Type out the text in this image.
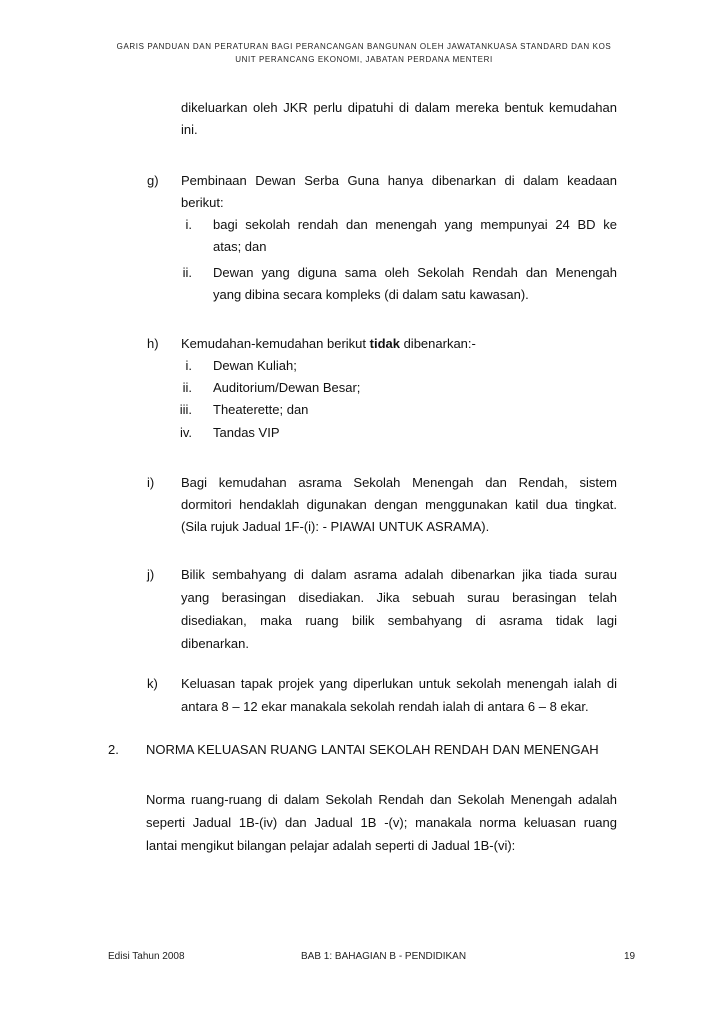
GARIS PANDUAN DAN PERATURAN BAGI PERANCANGAN BANGUNAN OLEH JAWATANKUASA STANDARD DAN KOS
UNIT PERANCANG EKONOMI, JABATAN PERDANA MENTERI
dikeluarkan oleh JKR perlu dipatuhi di dalam mereka bentuk kemudahan
ini.
g) Pembinaan Dewan Serba Guna hanya dibenarkan di dalam keadaan
berikut:
i. bagi sekolah rendah dan menengah yang mempunyai 24 BD ke
atas; dan
ii. Dewan yang diguna sama oleh Sekolah Rendah dan Menengah
yang dibina secara kompleks (di dalam satu kawasan).
h) Kemudahan-kemudahan berikut tidak dibenarkan:-
i. Dewan Kuliah;
ii. Auditorium/Dewan Besar;
iii. Theaterette; dan
iv. Tandas VIP
i) Bagi kemudahan asrama Sekolah Menengah dan Rendah, sistem
dormitori hendaklah digunakan dengan menggunakan katil dua tingkat.
(Sila rujuk Jadual 1F-(i): - PIAWAI UNTUK ASRAMA).
j) Bilik sembahyang di dalam asrama adalah dibenarkan jika tiada surau
yang berasingan disediakan. Jika sebuah surau berasingan telah
disediakan, maka ruang bilik sembahyang di asrama tidak lagi
dibenarkan.
k) Keluasan tapak projek yang diperlukan untuk sekolah menengah ialah di
antara 8 – 12 ekar manakala sekolah rendah ialah di antara 6 – 8 ekar.
2. NORMA KELUASAN RUANG LANTAI SEKOLAH RENDAH DAN MENENGAH
Norma ruang-ruang di dalam Sekolah Rendah dan Sekolah Menengah adalah
seperti Jadual 1B-(iv) dan Jadual 1B -(v); manakala norma keluasan ruang
lantai mengikut bilangan pelajar adalah seperti di Jadual 1B-(vi):
Edisi Tahun 2008	BAB 1: BAHAGIAN B - PENDIDIKAN	19
